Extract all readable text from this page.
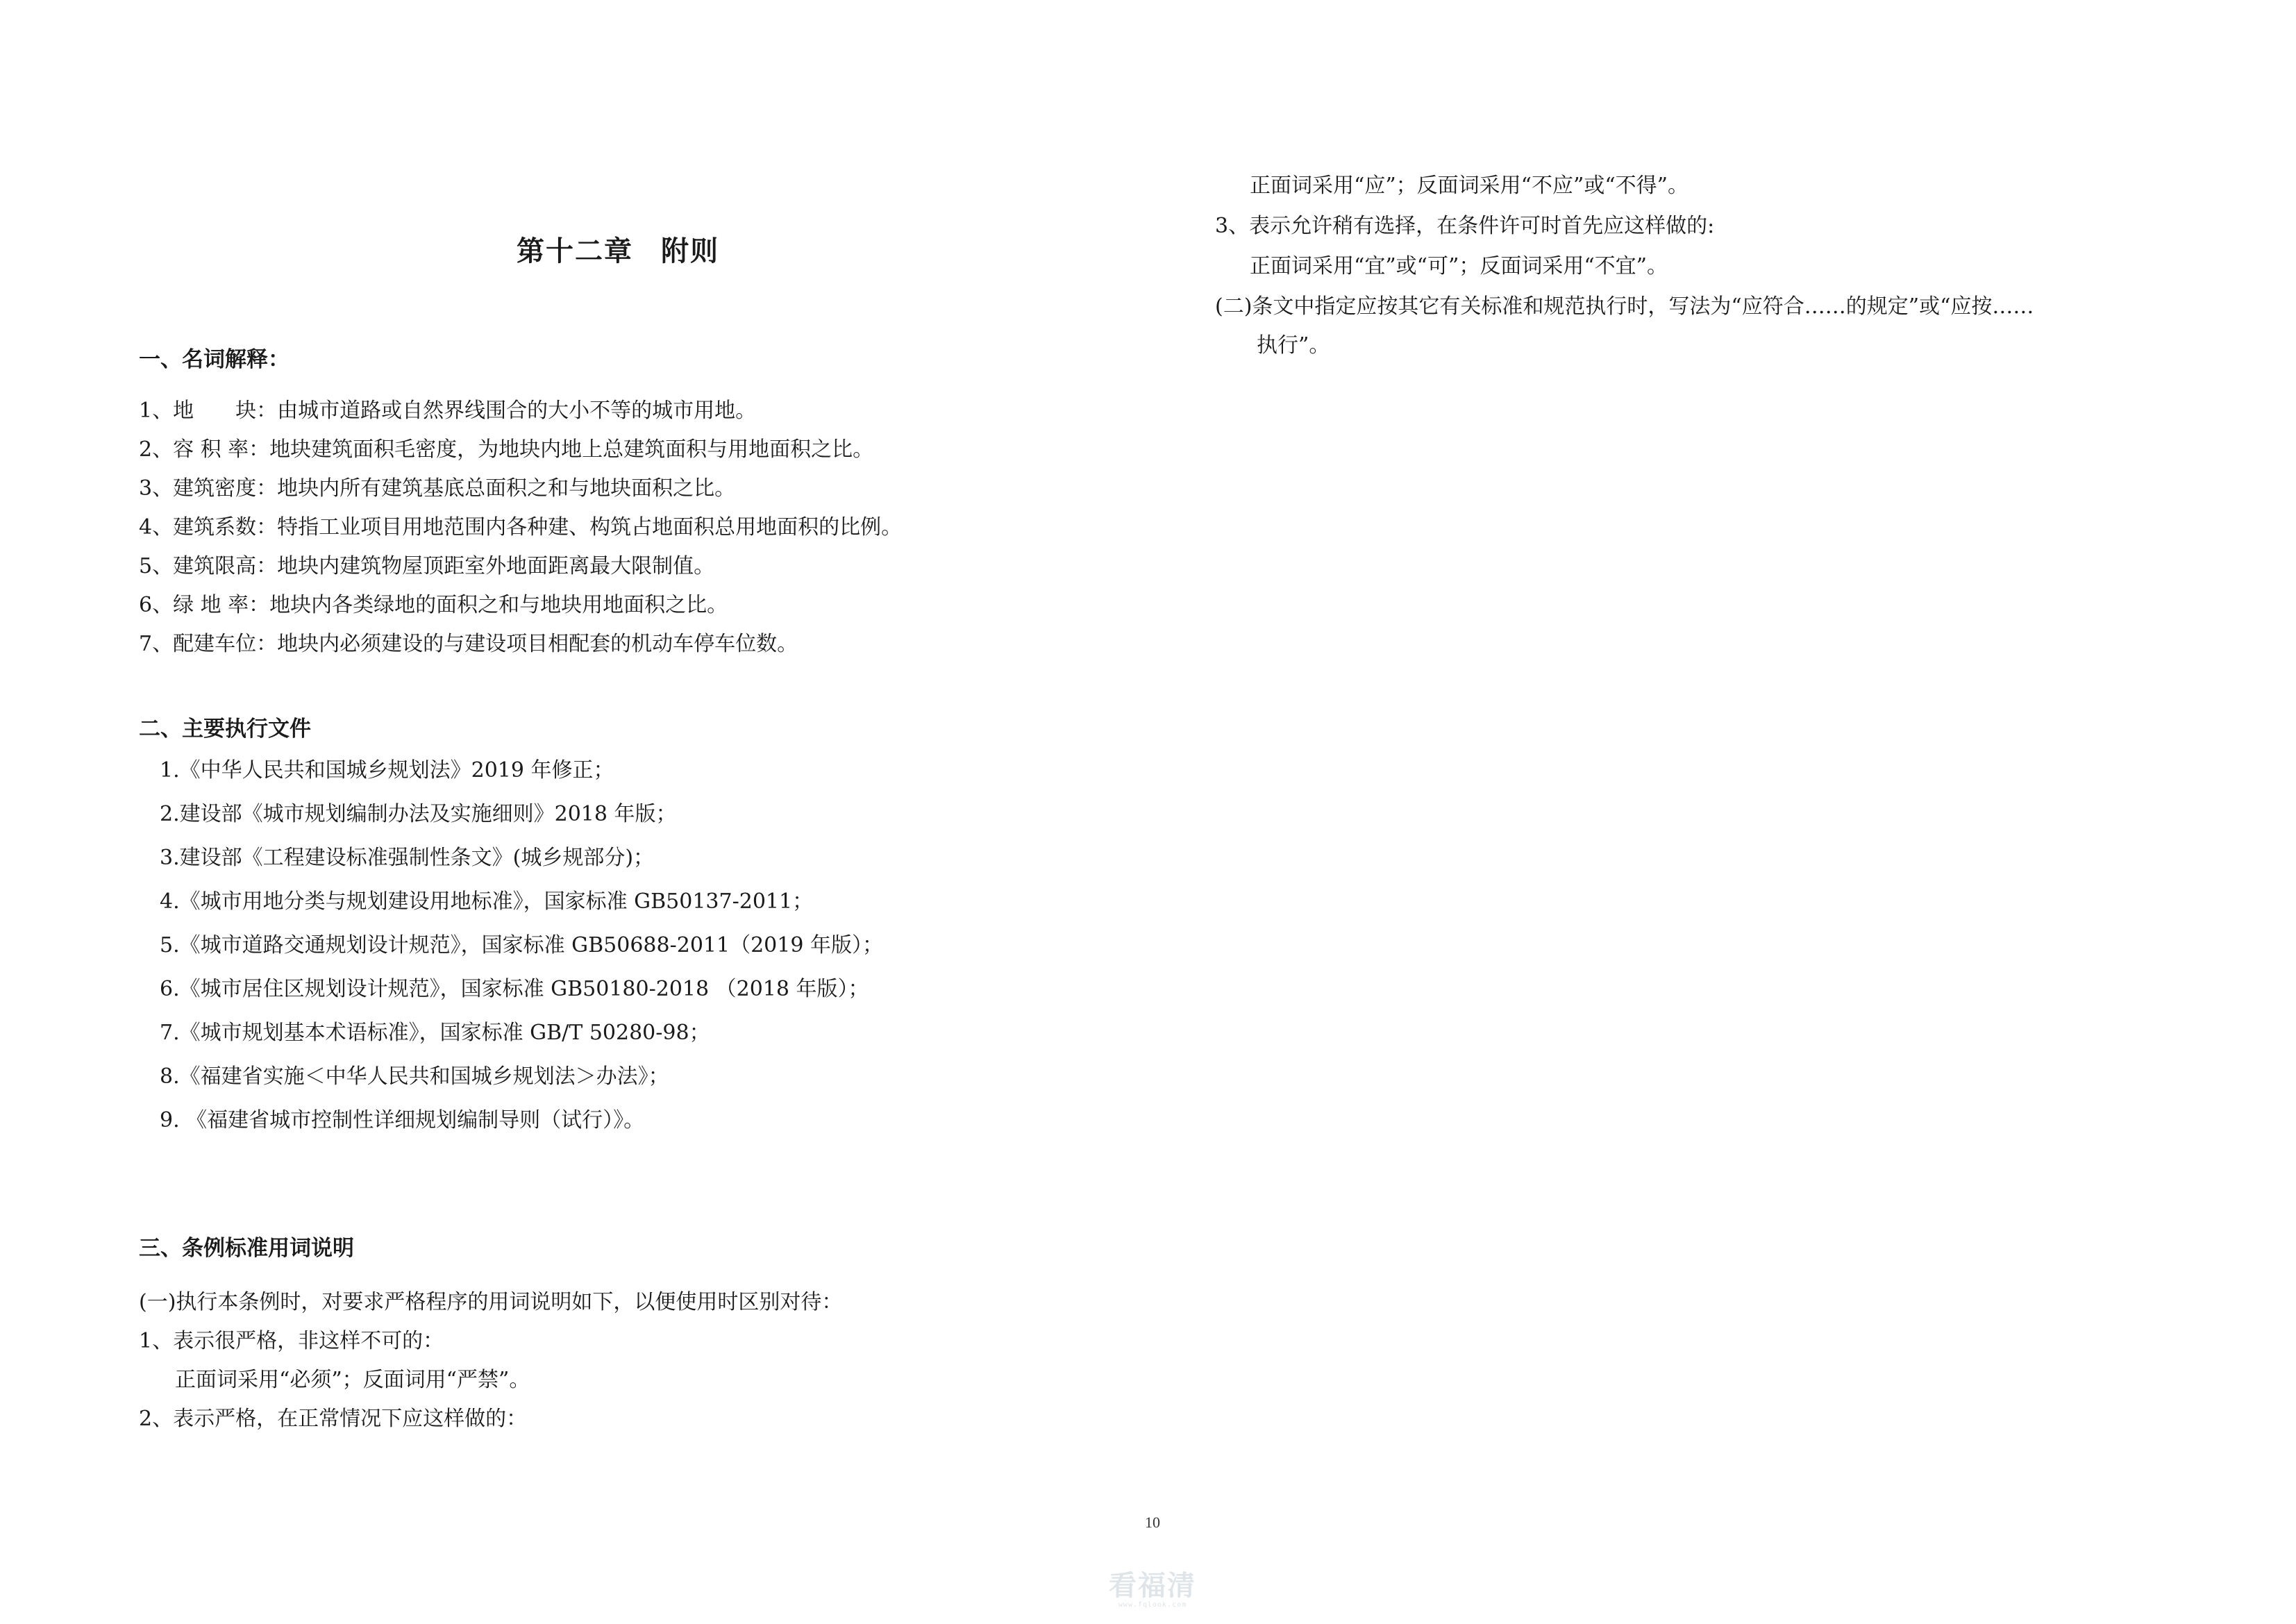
第十二章 附则
一、名词解释：

1、地　　块：由城市道路或自然界线围合的大小不等的城市用地。

2、容 积 率：地块建筑面积毛密度，为地块内地上总建筑面积与用地面积之比。

3、建筑密度：地块内所有建筑基底总面积之和与地块面积之比。

4、建筑系数：特指工业项目用地范围内各种建、构筑占地面积总用地面积的比例。

5、建筑限高：地块内建筑物屋顶距室外地面距离最大限制值。

6、绿 地 率：地块内各类绿地的面积之和与地块用地面积之比。

7、配建车位：地块内必须建设的与建设项目相配套的机动车停车位数。

二、主要执行文件

1.《中华人民共和国城乡规划法》2019 年修正；

2.建设部《城市规划编制办法及实施细则》2018 年版；

3.建设部《工程建设标准强制性条文》(城乡规部分)；

4.《城市用地分类与规划建设用地标准》，国家标准 GB50137-2011；

5.《城市道路交通规划设计规范》，国家标准 GB50688-2011（2019 年版）；

6.《城市居住区规划设计规范》，国家标准 GB50180-2018 （2018 年版）；

7.《城市规划基本术语标准》，国家标准 GB/T 50280-98；

8.《福建省实施＜中华人民共和国城乡规划法＞办法》；

9. 《福建省城市控制性详细规划编制导则（试行）》。

三、条例标准用词说明

(一)执行本条例时，对要求严格程序的用词说明如下，以便使用时区别对待：

1、表示很严格，非这样不可的：

正面词采用“必须”；反面词用“严禁”。

2、表示严格，在正常情况下应这样做的：

正面词采用“应”；反面词采用“不应”或“不得”。

3、表示允许稍有选择，在条件许可时首先应这样做的:

正面词采用“宜”或“可”；反面词采用“不宜”。

(二)条文中指定应按其它有关标准和规范执行时，写法为“应符合……的规定”或“应按……

执行”。

10
看福清
www.fqlook.com
